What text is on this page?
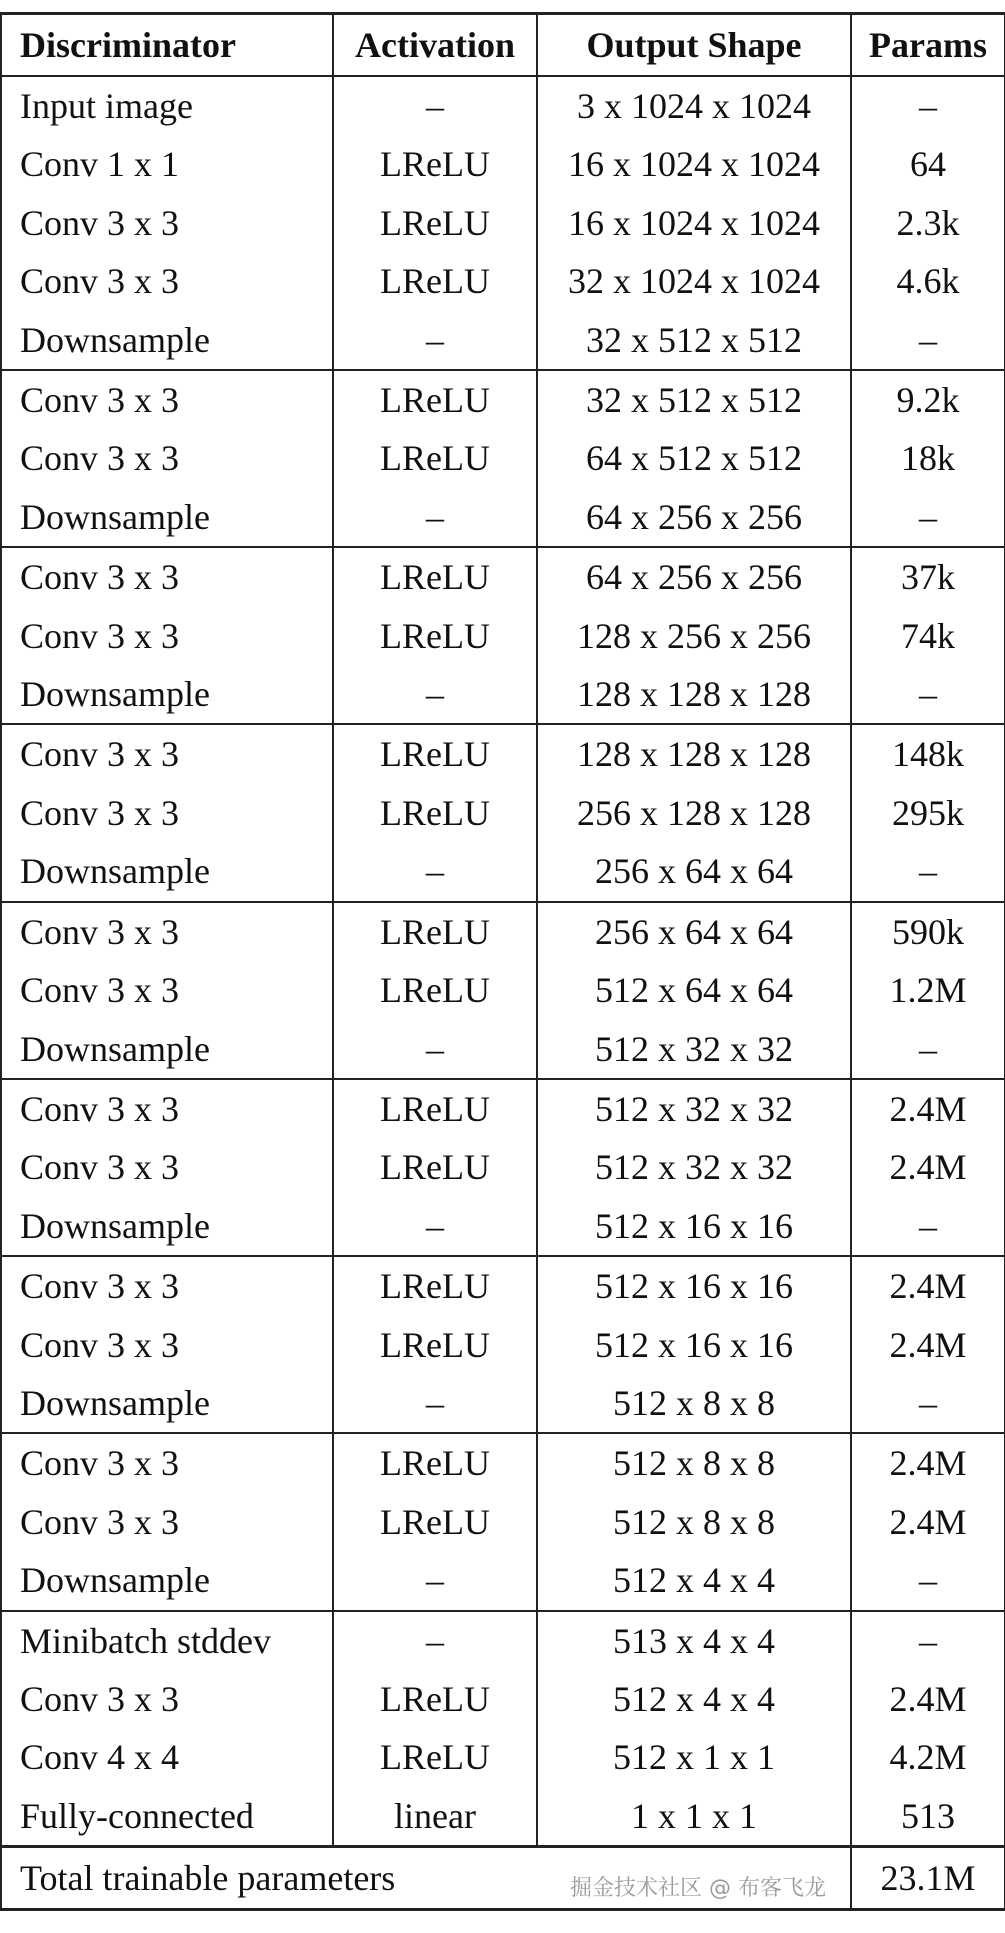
Discriminator	Activation	Output Shape	Params
Input image	–	3 x 1024 x 1024	–
Conv 1 x 1	LReLU	16 x 1024 x 1024	64
Conv 3 x 3	LReLU	16 x 1024 x 1024	2.3k
Conv 3 x 3	LReLU	32 x 1024 x 1024	4.6k
Downsample	–	32 x 512 x 512	–
Conv 3 x 3	LReLU	32 x 512 x 512	9.2k
Conv 3 x 3	LReLU	64 x 512 x 512	18k
Downsample	–	64 x 256 x 256	–
Conv 3 x 3	LReLU	64 x 256 x 256	37k
Conv 3 x 3	LReLU	128 x 256 x 256	74k
Downsample	–	128 x 128 x 128	–
Conv 3 x 3	LReLU	128 x 128 x 128	148k
Conv 3 x 3	LReLU	256 x 128 x 128	295k
Downsample	–	256 x 64 x 64	–
Conv 3 x 3	LReLU	256 x 64 x 64	590k
Conv 3 x 3	LReLU	512 x 64 x 64	1.2M
Downsample	–	512 x 32 x 32	–
Conv 3 x 3	LReLU	512 x 32 x 32	2.4M
Conv 3 x 3	LReLU	512 x 32 x 32	2.4M
Downsample	–	512 x 16 x 16	–
Conv 3 x 3	LReLU	512 x 16 x 16	2.4M
Conv 3 x 3	LReLU	512 x 16 x 16	2.4M
Downsample	–	512 x 8 x 8	–
Conv 3 x 3	LReLU	512 x 8 x 8	2.4M
Conv 3 x 3	LReLU	512 x 8 x 8	2.4M
Downsample	–	512 x 4 x 4	–
Minibatch stddev	–	513 x 4 x 4	–
Conv 3 x 3	LReLU	512 x 4 x 4	2.4M
Conv 4 x 4	LReLU	512 x 1 x 1	4.2M
Fully-connected	linear	1 x 1 x 1	513
Total trainable parameters			23.1M
掘金技术社区 @ 布客飞龙
